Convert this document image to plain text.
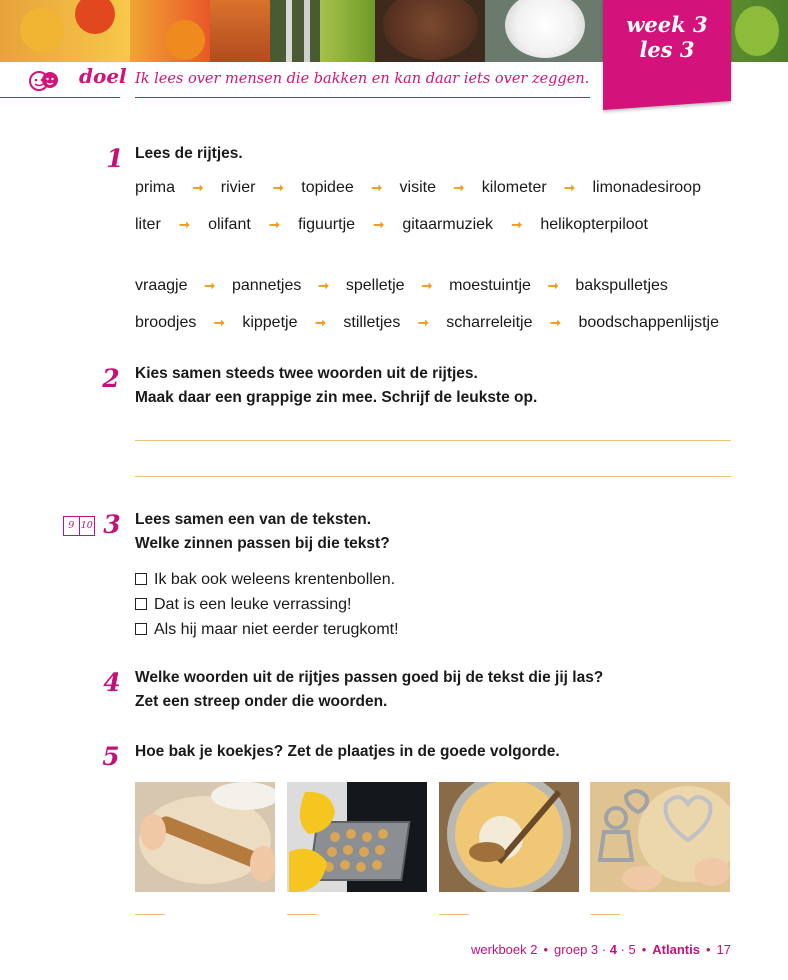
week 3
les 3
doel Ik lees over mensen die bakken en kan daar iets over zeggen.
1 Lees de rijtjes.
prima ➞ rivier ➞ topidee ➞ visite ➞ kilometer ➞ limonadesiroop
liter ➞ olifant ➞ figuurtje ➞ gitaarmuziek ➞ helikopterpiloot
vraagje ➞ pannetjes ➞ spelletje ➞ moestuintje ➞ bakspulletjes
broodjes ➞ kippetje ➞ stilletjes ➞ scharreleitje ➞ boodschappenlijstje
2 Kies samen steeds twee woorden uit de rijtjes.
Maak daar een grappige zin mee. Schrijf de leukste op.
9 10 3 Lees samen een van de teksten.
Welke zinnen passen bij die tekst?
Ik bak ook weleens krentenbollen.
Dat is een leuke verrassing!
Als hij maar niet eerder terugkomt!
4 Welke woorden uit de rijtjes passen goed bij de tekst die jij las?
Zet een streep onder die woorden.
5 Hoe bak je koekjes? Zet de plaatjes in de goede volgorde.
werkboek 2 • groep 3 · 4 · 5 • Atlantis • 17
